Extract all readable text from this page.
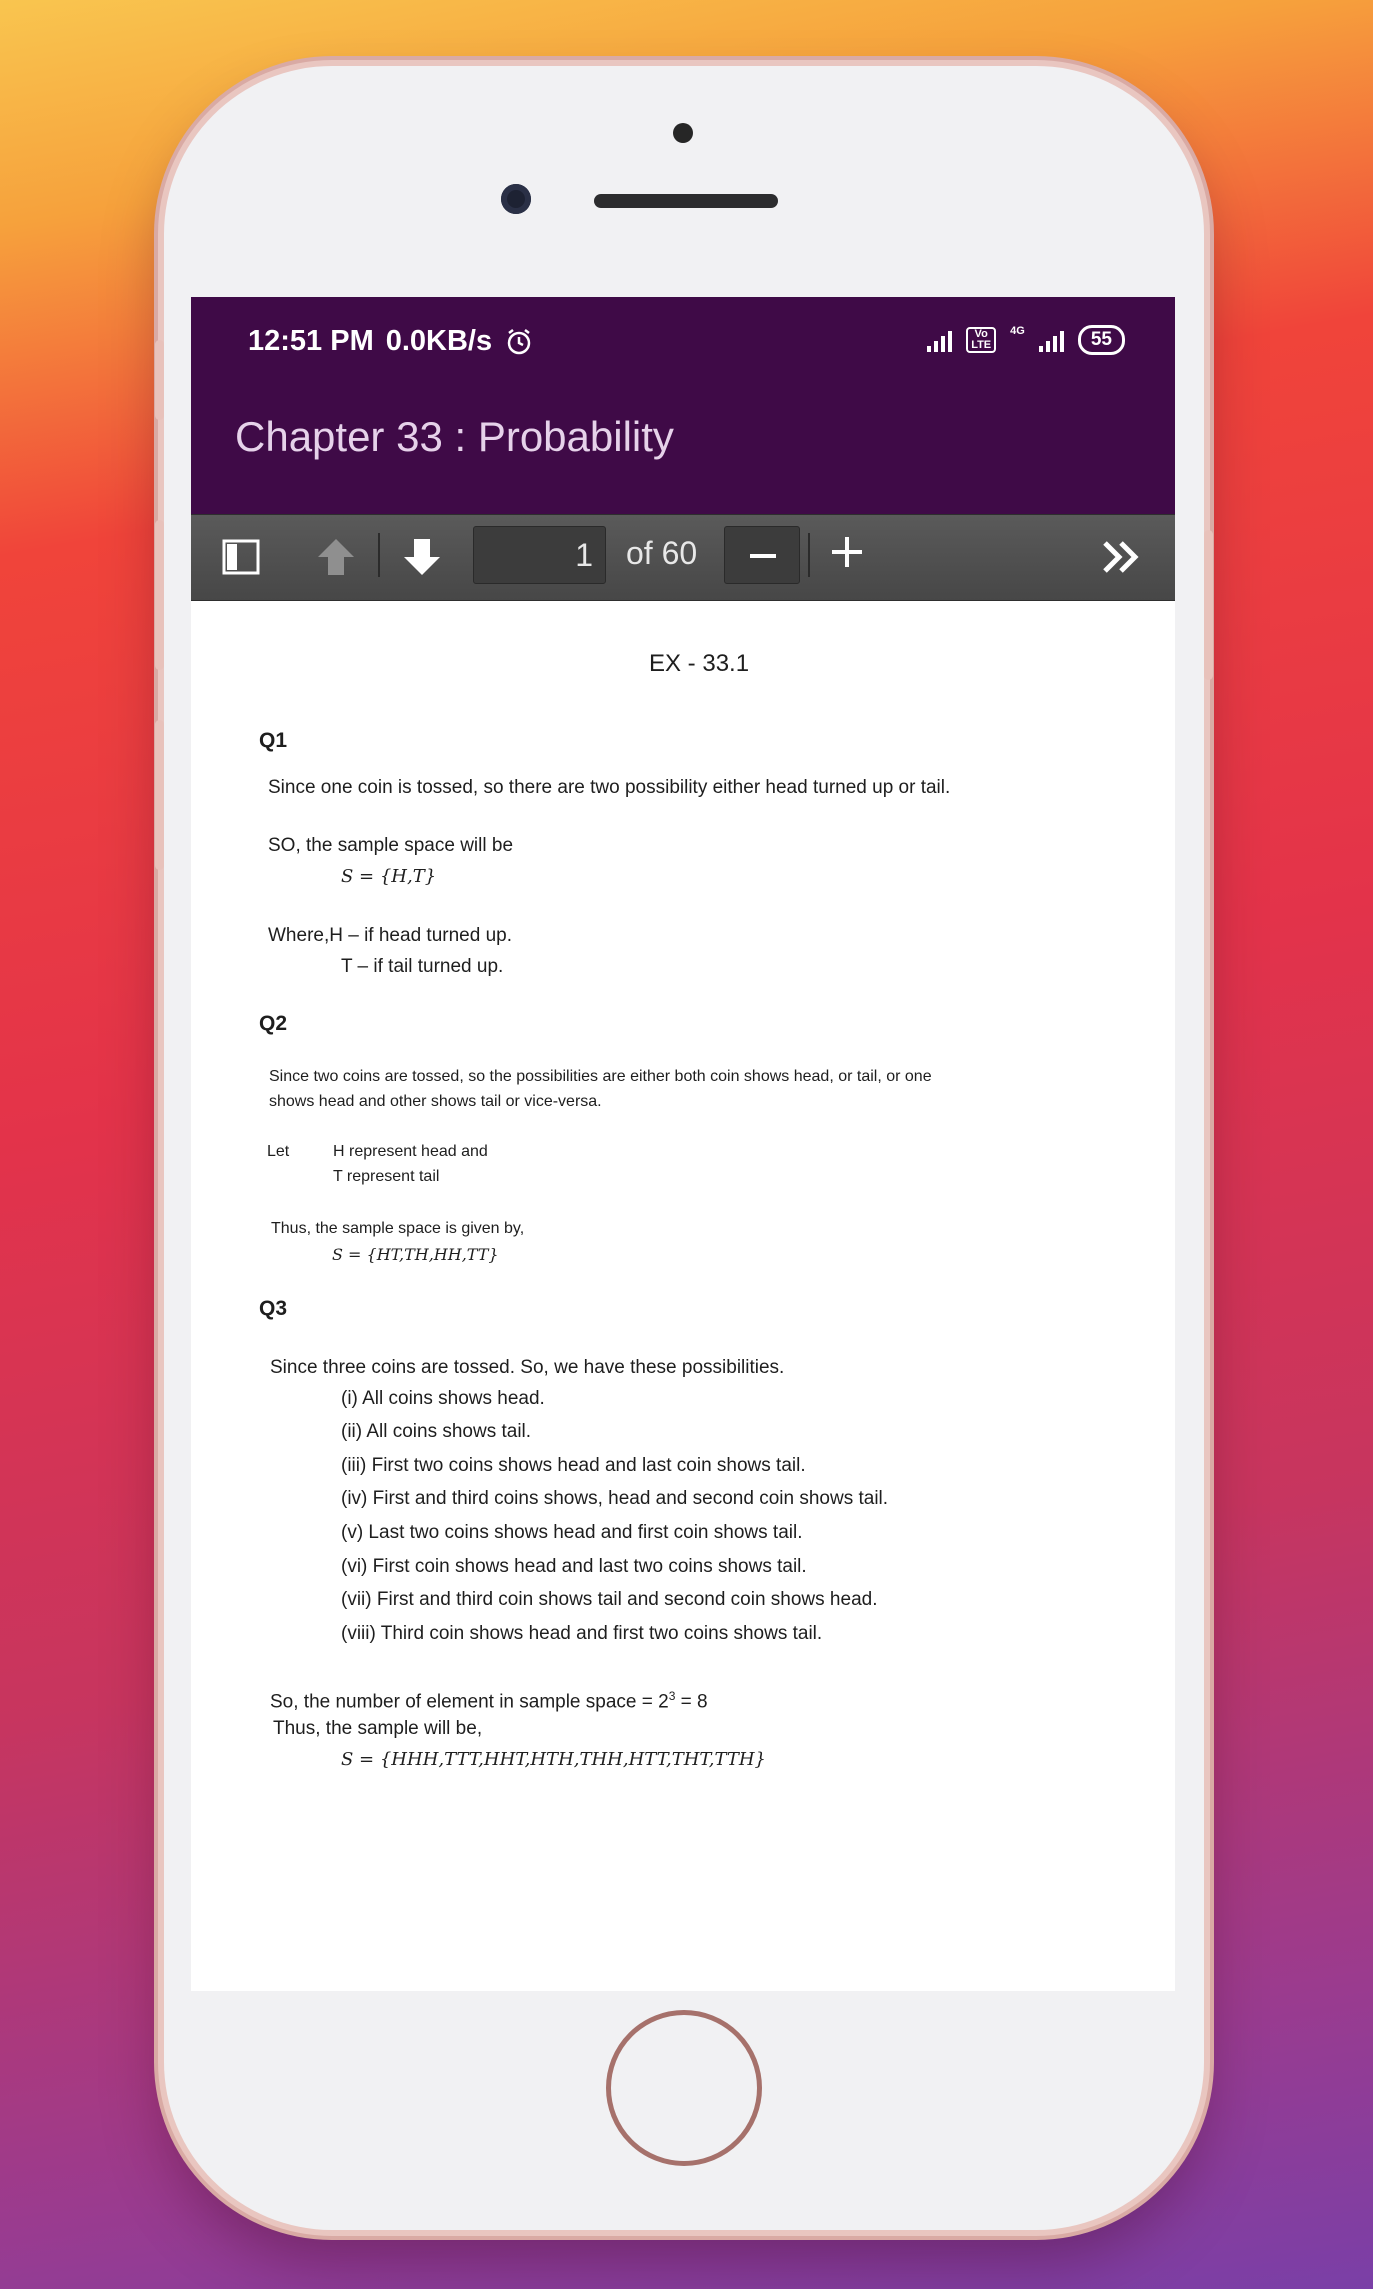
12:51 PM 0.0KB/s	Vo LTE
4G	55
Chapter 33 : Probability
1	of 60
EX - 33.1
Q1
Since one coin is tossed, so there are two possibility either head turned up or tail.
SO, the sample space will be
S = {H,T}
Where,H – if head turned up.
T – if tail turned up.
Q2
Since two coins are tossed, so the possibilities are either both coin shows head, or tail, or one
shows head and other shows tail or vice-versa.
Let	H represent head and
T represent tail
Thus, the sample space is given by,
S = {HT,TH,HH,TT}
Q3
Since three coins are tossed. So, we have these possibilities.
(i) All coins shows head.
(ii) All coins shows tail.
(iii) First two coins shows head and last coin shows tail.
(iv) First and third coins shows, head and second coin shows tail.
(v) Last two coins shows head and first coin shows tail.
(vi) First coin shows head and last two coins shows tail.
(vii) First and third coin shows tail and second coin shows head.
(viii) Third coin shows head and first two coins shows tail.
So, the number of element in sample space = $2^3 = 8$
Thus, the sample will be,
S = {HHH,TTT,HHT,HTH,THH,HTT,THT,TTH}
